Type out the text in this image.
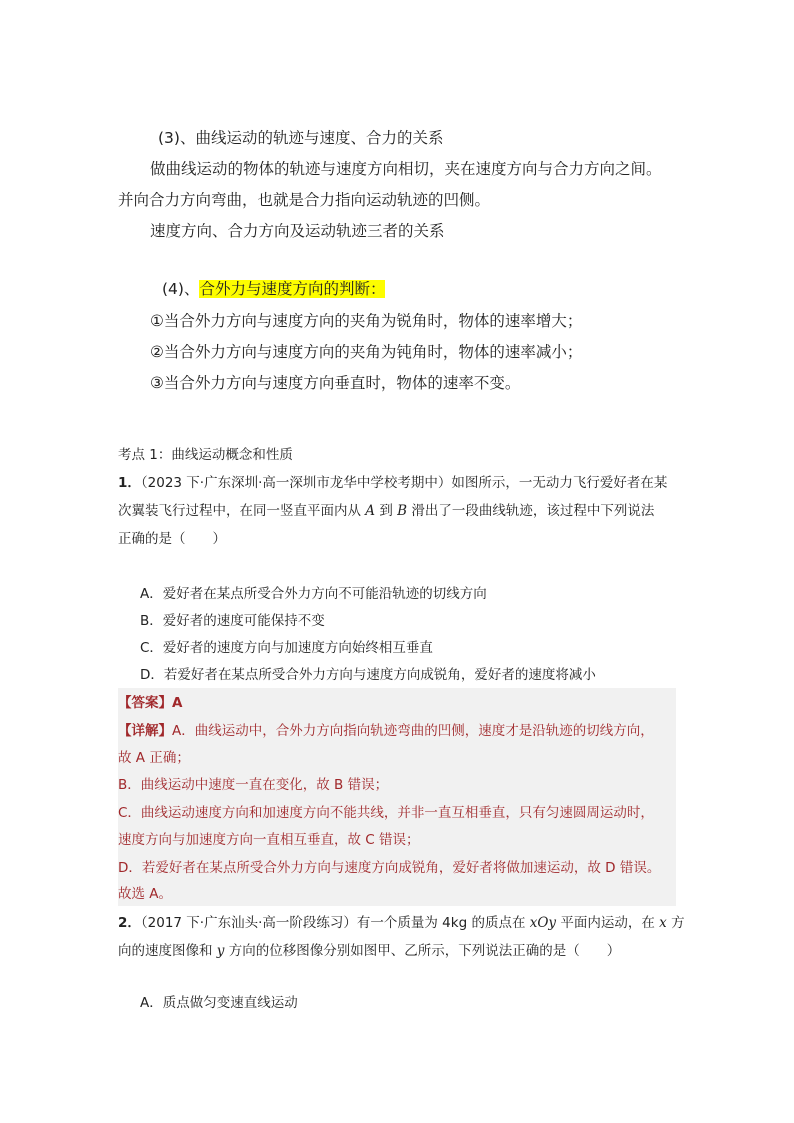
(3)、曲线运动的轨迹与速度、合力的关系
做曲线运动的物体的轨迹与速度方向相切，夹在速度方向与合力方向之间。
并向合力方向弯曲，也就是合力指向运动轨迹的凹侧。
速度方向、合力方向及运动轨迹三者的关系
(4)、合外力与速度方向的判断：
①当合外力方向与速度方向的夹角为锐角时，物体的速率增大；
②当合外力方向与速度方向的夹角为钝角时，物体的速率减小；
③当合外力方向与速度方向垂直时，物体的速率不变。
考点 1：曲线运动概念和性质
1．（2023 下·广东深圳·高一深圳市龙华中学校考期中）如图所示，一无动力飞行爱好者在某
次翼装飞行过程中，在同一竖直平面内从 A 到 B 滑出了一段曲线轨迹，该过程中下列说法
正确的是（　　）
A．爱好者在某点所受合外力方向不可能沿轨迹的切线方向
B．爱好者的速度可能保持不变
C．爱好者的速度方向与加速度方向始终相互垂直
D．若爱好者在某点所受合外力方向与速度方向成锐角，爱好者的速度将减小
【答案】A
【详解】A．曲线运动中，合外力方向指向轨迹弯曲的凹侧，速度才是沿轨迹的切线方向，
故 A 正确；
B．曲线运动中速度一直在变化，故 B 错误；
C．曲线运动速度方向和加速度方向不能共线，并非一直互相垂直，只有匀速圆周运动时，
速度方向与加速度方向一直相互垂直，故 C 错误；
D．若爱好者在某点所受合外力方向与速度方向成锐角，爱好者将做加速运动，故 D 错误。
故选 A。
2．（2017 下·广东汕头·高一阶段练习）有一个质量为 4kg 的质点在 xOy 平面内运动，在 x 方
向的速度图像和 y 方向的位移图像分别如图甲、乙所示，下列说法正确的是（　　）
A．质点做匀变速直线运动
